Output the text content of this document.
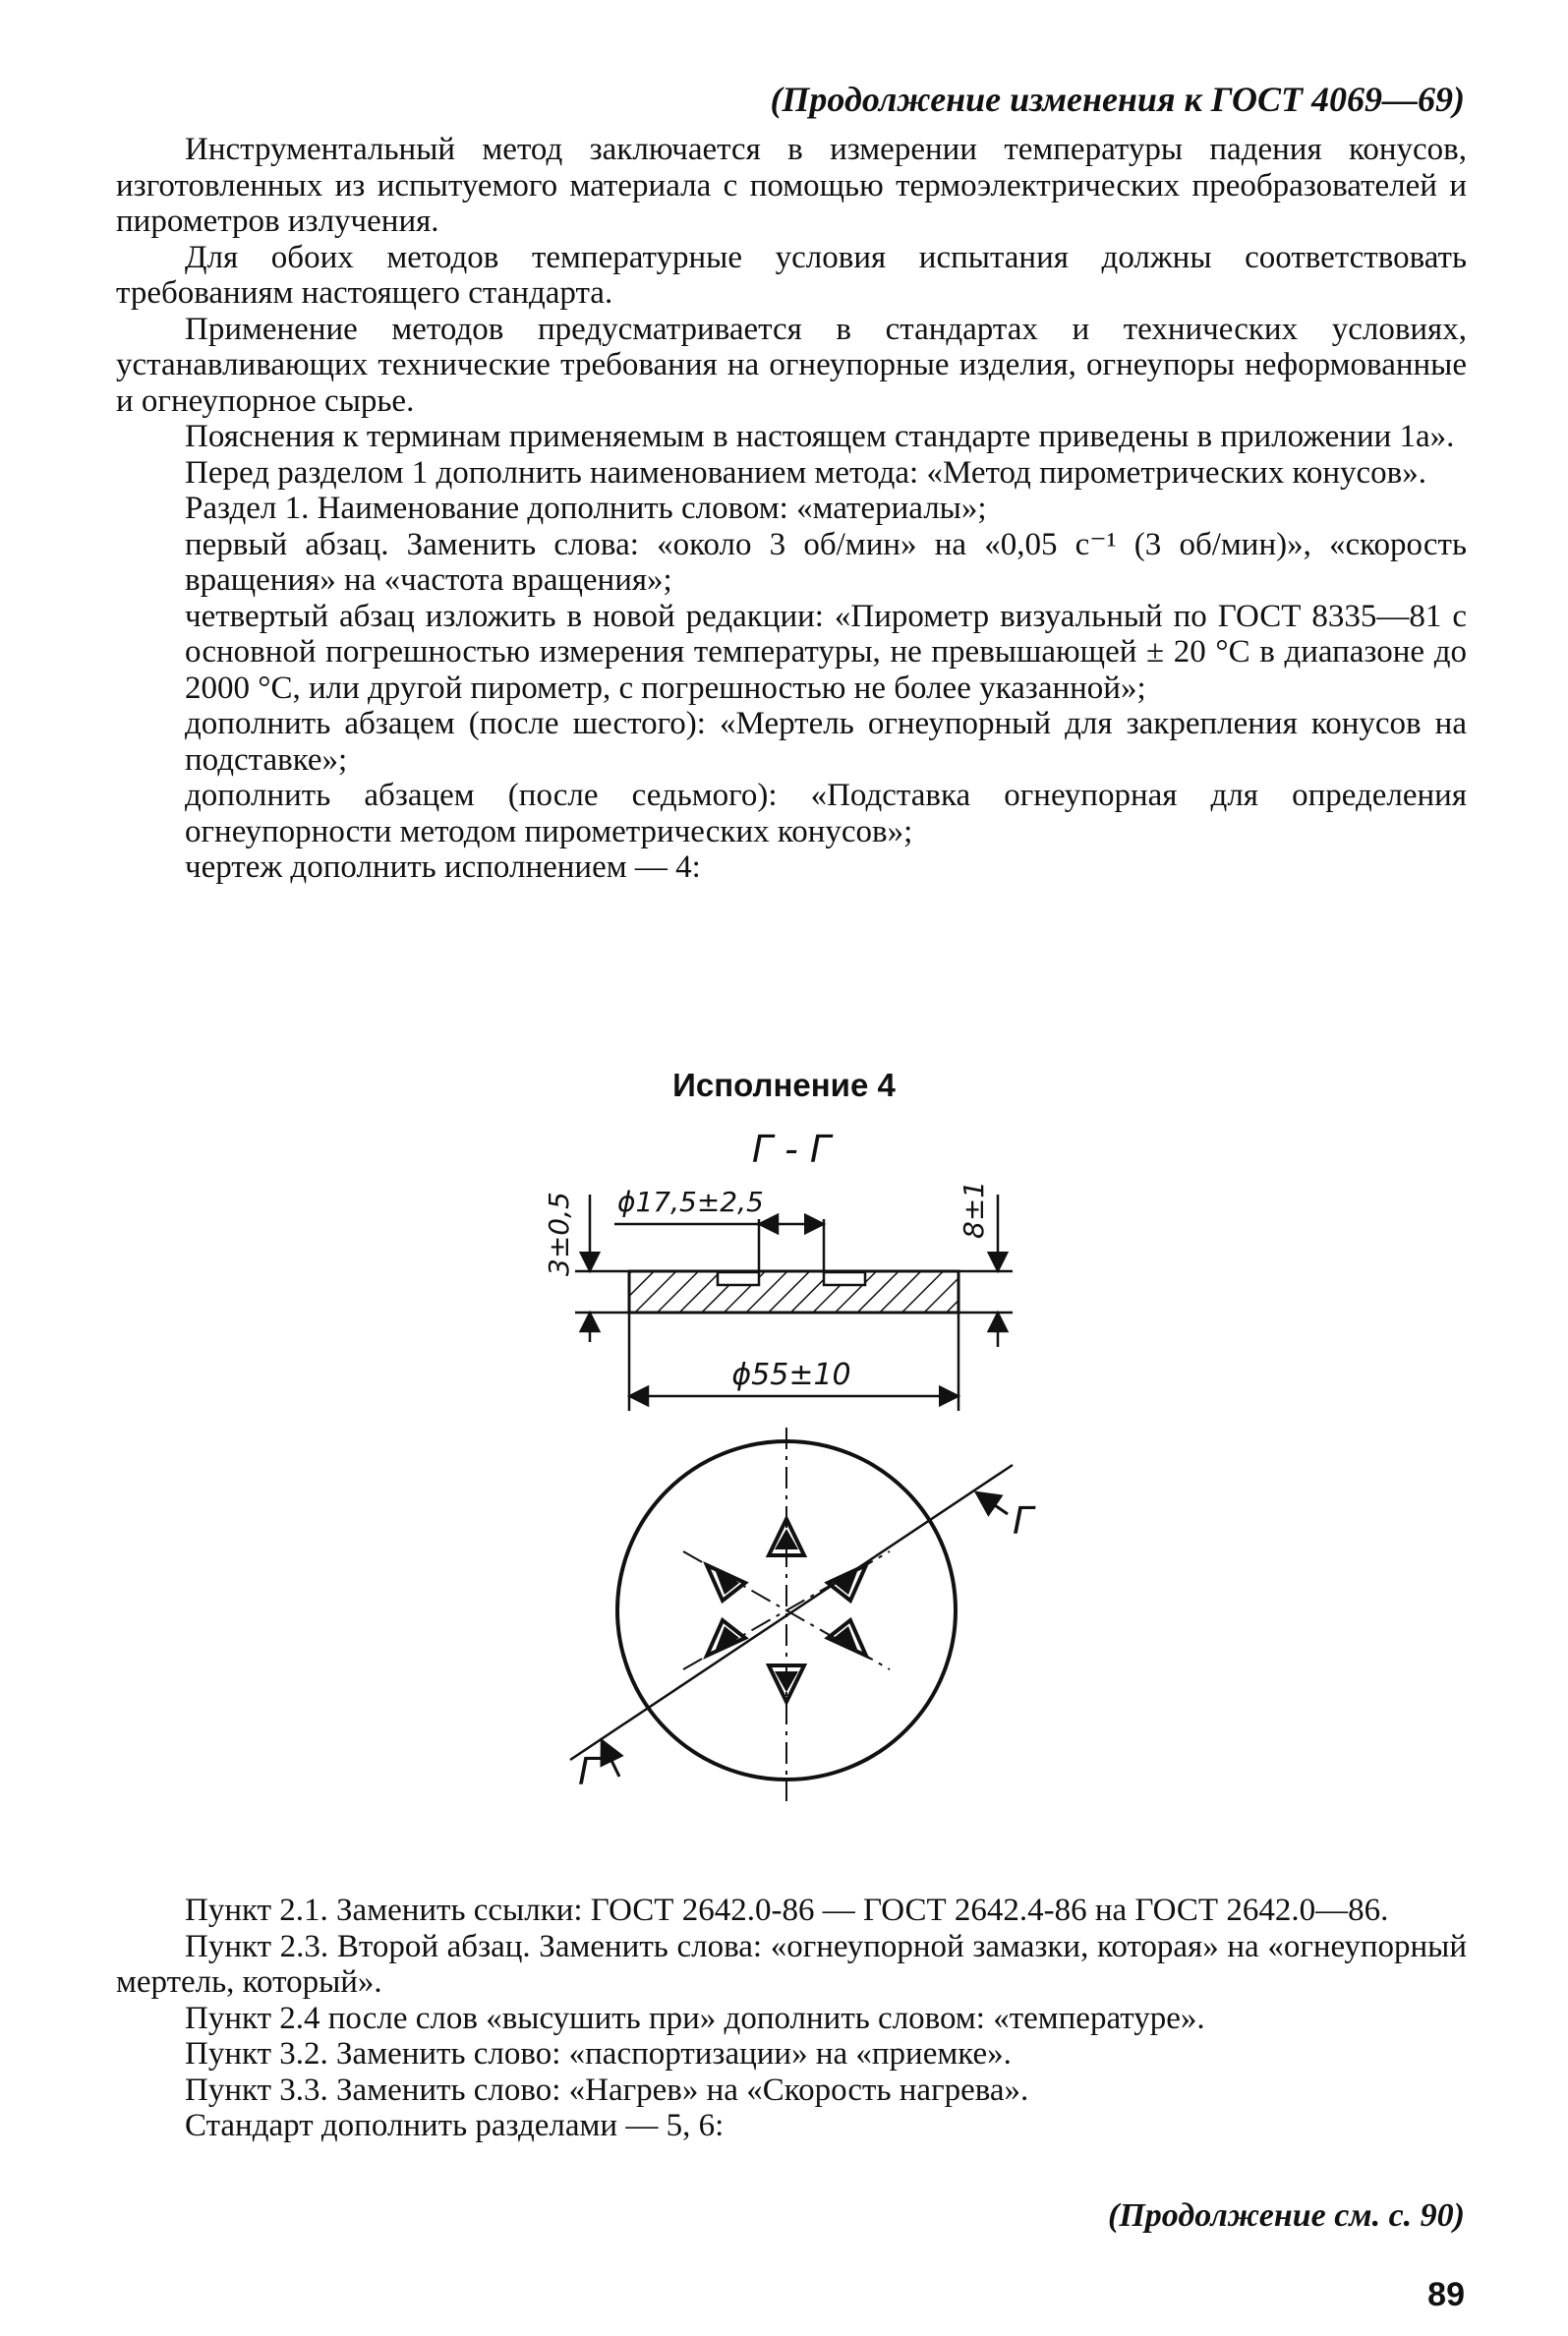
(Продолжение изменения к ГОСТ 4069—69)

Инструментальный метод заключается в измерении температуры падения конусов, изготовленных из испытуемого материала с помощью термоэлектрических преобразователей и пирометров излучения.

Для обоих методов температурные условия испытания должны соответствовать требованиям настоящего стандарта.

Применение методов предусматривается в стандартах и технических условиях, устанавливающих технические требования на огнеупорные изделия, огнеупоры неформованные и огнеупорное сырье.

Пояснения к терминам применяемым в настоящем стандарте приведены в приложении 1а».

Перед разделом 1 дополнить наименованием метода: «Метод пирометрических конусов».

Раздел 1. Наименование дополнить словом: «материалы»;

первый абзац. Заменить слова: «около 3 об/мин» на «0,05 с⁻¹ (3 об/мин)», «скорость вращения» на «частота вращения»;

четвертый абзац изложить в новой редакции: «Пирометр визуальный по ГОСТ 8335—81 с основной погрешностью измерения температуры, не превышающей ± 20 °С в диапазоне до 2000 °С, или другой пирометр, с погрешностью не более указанной»;

дополнить абзацем (после шестого): «Мертель огнеупорный для закрепления конусов на подставке»;

дополнить абзацем (после седьмого): «Подставка огнеупорная для определения огнеупорности методом пирометрических конусов»;

чертеж дополнить исполнением — 4:

Исполнение 4
Г - Г
3±0,5 ϕ17,5±2,5	8±1
ϕ55±10
Г
Г

Пункт 2.1. Заменить ссылки: ГОСТ 2642.0-86 — ГОСТ 2642.4-86 на ГОСТ 2642.0—86.

Пункт 2.3. Второй абзац. Заменить слова: «огнеупорной замазки, которая» на «огнеупорный мертель, который».

Пункт 2.4 после слов «высушить при» дополнить словом: «температуре».

Пункт 3.2. Заменить слово: «паспортизации» на «приемке».

Пункт 3.3. Заменить слово: «Нагрев» на «Скорость нагрева».

Стандарт дополнить разделами — 5, 6:

(Продолжение см. с. 90)
89
